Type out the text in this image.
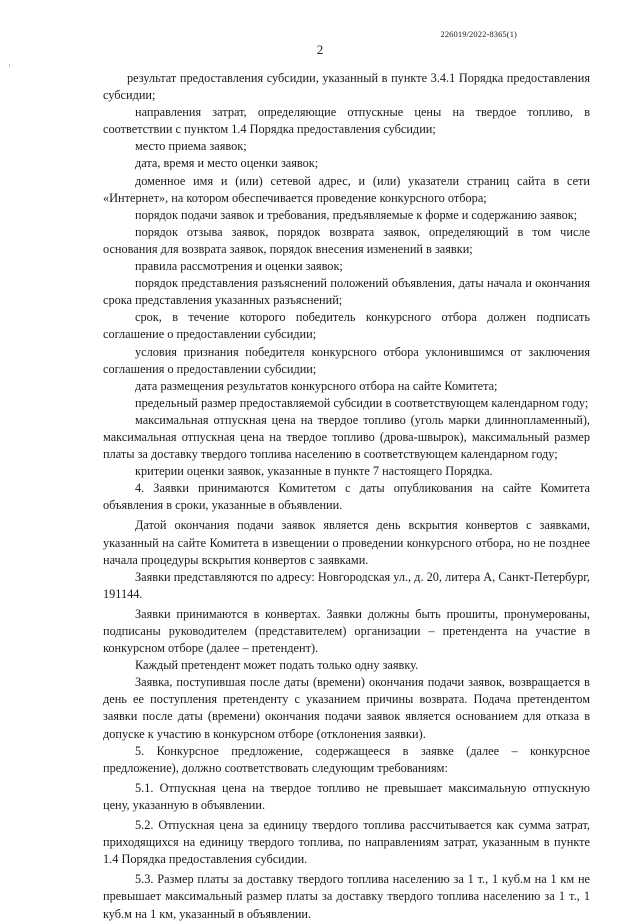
226019/2022-8365(1)
2

результат предоставления субсидии, указанный в пункте 3.4.1 Порядка предоставления субсидии;

направления затрат, определяющие отпускные цены на твердое топливо, в соответствии с пунктом 1.4 Порядка предоставления субсидии;

место приема заявок;

дата, время и место оценки заявок;

доменное имя и (или) сетевой адрес, и (или) указатели страниц сайта в сети «Интернет», на котором обеспечивается проведение конкурсного отбора;

порядок подачи заявок и требования, предъявляемые к форме и содержанию заявок;

порядок отзыва заявок, порядок возврата заявок, определяющий в том числе основания для возврата заявок, порядок внесения изменений в заявки;

правила рассмотрения и оценки заявок;

порядок представления разъяснений положений объявления, даты начала и окончания срока представления указанных разъяснений;

срок, в течение которого победитель конкурсного отбора должен подписать соглашение о предоставлении субсидии;

условия признания победителя конкурсного отбора уклонившимся от заключения соглашения о предоставлении субсидии;

дата размещения результатов конкурсного отбора на сайте Комитета;

предельный размер предоставляемой субсидии в соответствующем календарном году;

максимальная отпускная цена на твердое топливо (уголь марки длиннопламенный), максимальная отпускная цена на твердое топливо (дрова-швырок), максимальный размер платы за доставку твердого топлива населению в соответствующем календарном году;

критерии оценки заявок, указанные в пункте 7 настоящего Порядка.

4. Заявки принимаются Комитетом с даты опубликования на сайте Комитета объявления в сроки, указанные в объявлении.

Датой окончания подачи заявок является день вскрытия конвертов с заявками, указанный на сайте Комитета в извещении о проведении конкурсного отбора, но не позднее начала процедуры вскрытия конвертов с заявками.

Заявки представляются по адресу: Новгородская ул., д. 20, литера А, Санкт-Петербург, 191144.

Заявки принимаются в конвертах. Заявки должны быть прошиты, пронумерованы, подписаны руководителем (представителем) организации – претендента на участие в конкурсном отборе (далее – претендент).

Каждый претендент может подать только одну заявку.

Заявка, поступившая после даты (времени) окончания подачи заявок, возвращается в день ее поступления претенденту с указанием причины возврата. Подача претендентом заявки после даты (времени) окончания подачи заявок является основанием для отказа в допуске к участию в конкурсном отборе (отклонения заявки).

5. Конкурсное предложение, содержащееся в заявке (далее – конкурсное предложение), должно соответствовать следующим требованиям:

5.1. Отпускная цена на твердое топливо не превышает максимальную отпускную цену, указанную в объявлении.

5.2. Отпускная цена за единицу твердого топлива рассчитывается как сумма затрат, приходящихся на единицу твердого топлива, по направлениям затрат, указанным в пункте 1.4 Порядка предоставления субсидии.

5.3. Размер платы за доставку твердого топлива населению за 1 т., 1 куб.м на 1 км не превышает максимальный размер платы за доставку твердого топлива населению за 1 т., 1 куб.м на 1 км, указанный в объявлении.
